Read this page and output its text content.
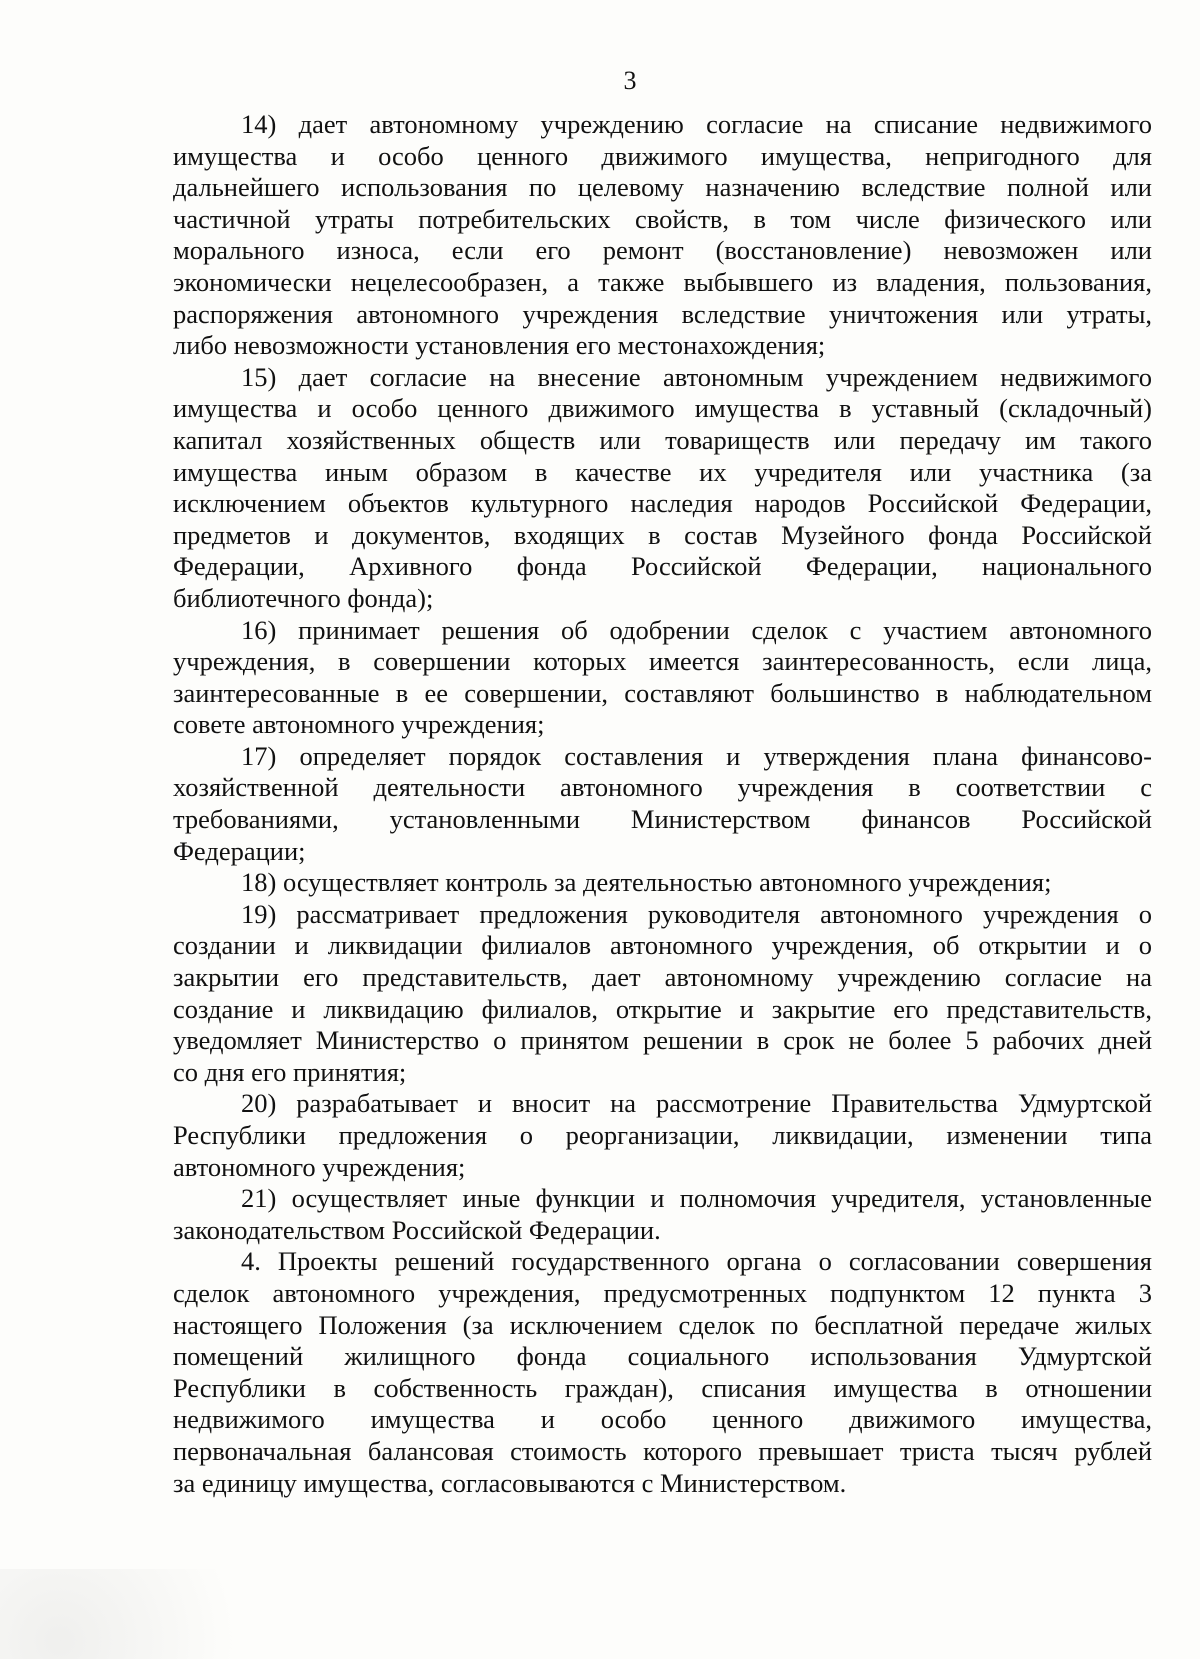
3
14) дает автономному учреждению согласие на списание недвижимого
имущества и особо ценного движимого имущества, непригодного для
дальнейшего использования по целевому назначению вследствие полной или
частичной утраты потребительских свойств, в том числе физического или
морального износа, если его ремонт (восстановление) невозможен или
экономически нецелесообразен, а также выбывшего из владения, пользования,
распоряжения автономного учреждения вследствие уничтожения или утраты,
либо невозможности установления его местонахождения;
15) дает согласие на внесение автономным учреждением недвижимого
имущества и особо ценного движимого имущества в уставный (складочный)
капитал хозяйственных обществ или товариществ или передачу им такого
имущества иным образом в качестве их учредителя или участника (за
исключением объектов культурного наследия народов Российской Федерации,
предметов и документов, входящих в состав Музейного фонда Российской
Федерации, Архивного фонда Российской Федерации, национального
библиотечного фонда);
16) принимает решения об одобрении сделок с участием автономного
учреждения, в совершении которых имеется заинтересованность, если лица,
заинтересованные в ее совершении, составляют большинство в наблюдательном
совете автономного учреждения;
17) определяет порядок составления и утверждения плана финансово-
хозяйственной деятельности автономного учреждения в соответствии с
требованиями, установленными Министерством финансов Российской
Федерации;
18) осуществляет контроль за деятельностью автономного учреждения;
19) рассматривает предложения руководителя автономного учреждения о
создании и ликвидации филиалов автономного учреждения, об открытии и о
закрытии его представительств, дает автономному учреждению согласие на
создание и ликвидацию филиалов, открытие и закрытие его представительств,
уведомляет Министерство о принятом решении в срок не более 5 рабочих дней
со дня его принятия;
20) разрабатывает и вносит на рассмотрение Правительства Удмуртской
Республики предложения о реорганизации, ликвидации, изменении типа
автономного учреждения;
21) осуществляет иные функции и полномочия учредителя, установленные
законодательством Российской Федерации.
4. Проекты решений государственного органа о согласовании совершения
сделок автономного учреждения, предусмотренных подпунктом 12 пункта 3
настоящего Положения (за исключением сделок по бесплатной передаче жилых
помещений жилищного фонда социального использования Удмуртской
Республики в собственность граждан), списания имущества в отношении
недвижимого имущества и особо ценного движимого имущества,
первоначальная балансовая стоимость которого превышает триста тысяч рублей
за единицу имущества, согласовываются с Министерством.
